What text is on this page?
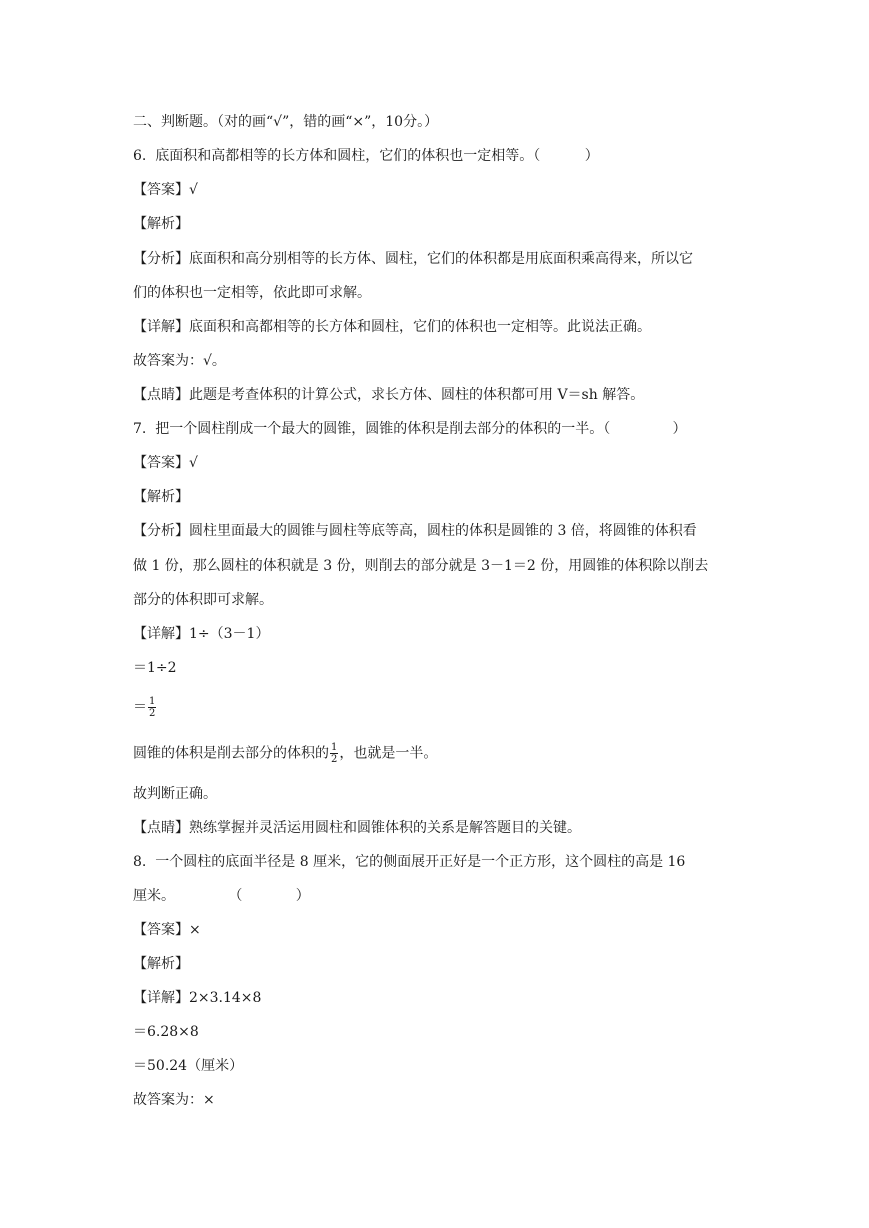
二、判断题。（对的画“√”，错的画“×”，10分。）
6.  底面积和高都相等的长方体和圆柱，它们的体积也一定相等。（          ）
【答案】√
【解析】
【分析】底面积和高分别相等的长方体、圆柱，它们的体积都是用底面积乘高得来，所以它
们的体积也一定相等，依此即可求解。
【详解】底面积和高都相等的长方体和圆柱，它们的体积也一定相等。此说法正确。
故答案为：√。
【点睛】此题是考查体积的计算公式，求长方体、圆柱的体积都可用 V＝sh 解答。
7.  把一个圆柱削成一个最大的圆锥，圆锥的体积是削去部分的体积的一半。（              ）
【答案】√
【解析】
【分析】圆柱里面最大的圆锥与圆柱等底等高，圆柱的体积是圆锥的 3 倍，将圆锥的体积看
做 1 份，那么圆柱的体积就是 3 份，则削去的部分就是 3－1＝2 份，用圆锥的体积除以削去
部分的体积即可求解。
【详解】1÷（3－1）
＝1÷2
＝ $\frac{1}{2}$
圆锥的体积是削去部分的体积的 $\frac{1}{2}$ ，也就是一半。
故判断正确。
【点睛】熟练掌握并灵活运用圆柱和圆锥体积的关系是解答题目的关键。
8.  一个圆柱的底面半径是 8 厘米，它的侧面展开正好是一个正方形，这个圆柱的高是 16
厘米。            （            ）
【答案】×
【解析】
【详解】2×3.14×8
＝6.28×8
＝50.24（厘米）
故答案为：×
